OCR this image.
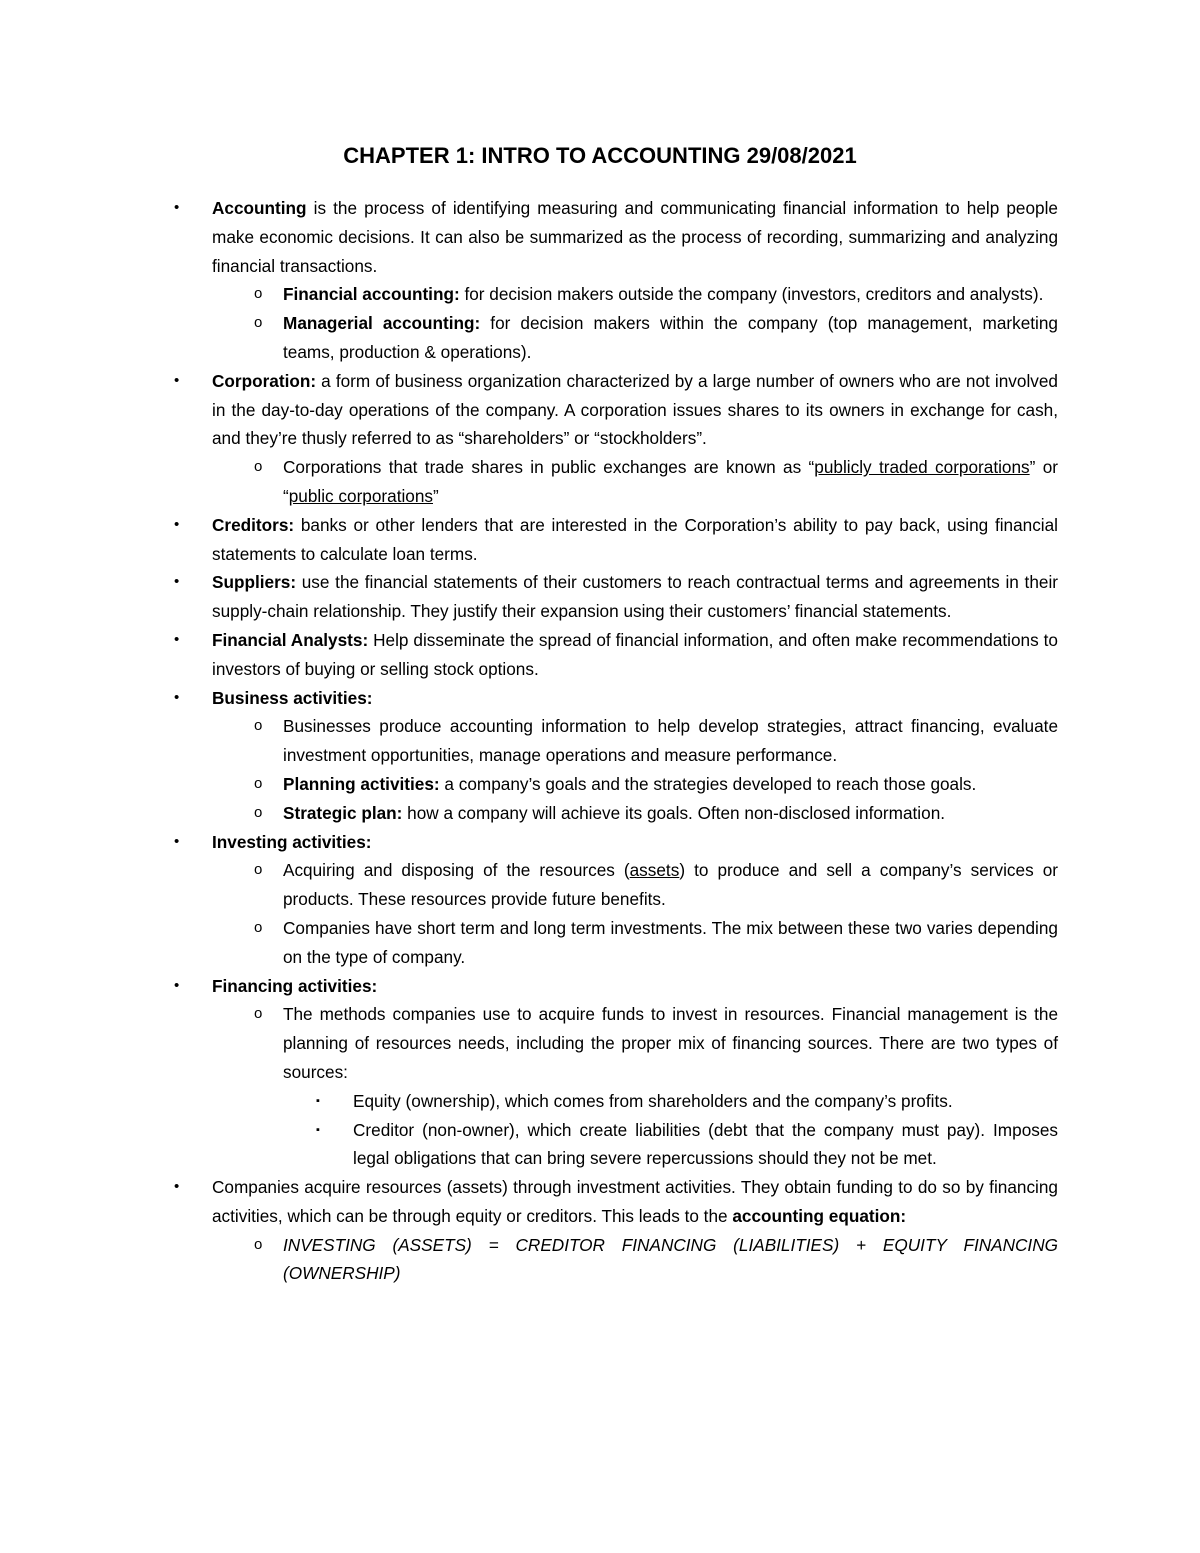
CHAPTER 1: INTRO TO ACCOUNTING 29/08/2021

• Accounting is the process of identifying measuring and communicating financial information to help people make economic decisions. It can also be summarized as the process of recording, summarizing and analyzing financial transactions.

o Financial accounting: for decision makers outside the company (investors, creditors and analysts).

o Managerial accounting: for decision makers within the company (top management, marketing teams, production & operations).

• Corporation: a form of business organization characterized by a large number of owners who are not involved in the day-to-day operations of the company. A corporation issues shares to its owners in exchange for cash, and they’re thusly referred to as “shareholders” or “stockholders”.

o Corporations that trade shares in public exchanges are known as “publicly traded corporations” or “public corporations”

• Creditors: banks or other lenders that are interested in the Corporation’s ability to pay back, using financial statements to calculate loan terms.

• Suppliers: use the financial statements of their customers to reach contractual terms and agreements in their supply-chain relationship. They justify their expansion using their customers’ financial statements.

• Financial Analysts: Help disseminate the spread of financial information, and often make recommendations to investors of buying or selling stock options.

• Business activities:

o Businesses produce accounting information to help develop strategies, attract financing, evaluate investment opportunities, manage operations and measure performance.

o Planning activities: a company’s goals and the strategies developed to reach those goals.

o Strategic plan: how a company will achieve its goals. Often non-disclosed information.

• Investing activities:

o Acquiring and disposing of the resources (assets) to produce and sell a company’s services or products. These resources provide future benefits.

o Companies have short term and long term investments. The mix between these two varies depending on the type of company.

• Financing activities:

o The methods companies use to acquire funds to invest in resources. Financial management is the planning of resources needs, including the proper mix of financing sources. There are two types of sources:

▪ Equity (ownership), which comes from shareholders and the company’s profits.

▪ Creditor (non-owner), which create liabilities (debt that the company must pay). Imposes legal obligations that can bring severe repercussions should they not be met.

• Companies acquire resources (assets) through investment activities. They obtain funding to do so by financing activities, which can be through equity or creditors. This leads to the accounting equation:

o INVESTING (ASSETS) = CREDITOR FINANCING (LIABILITIES) + EQUITY FINANCING (OWNERSHIP)
